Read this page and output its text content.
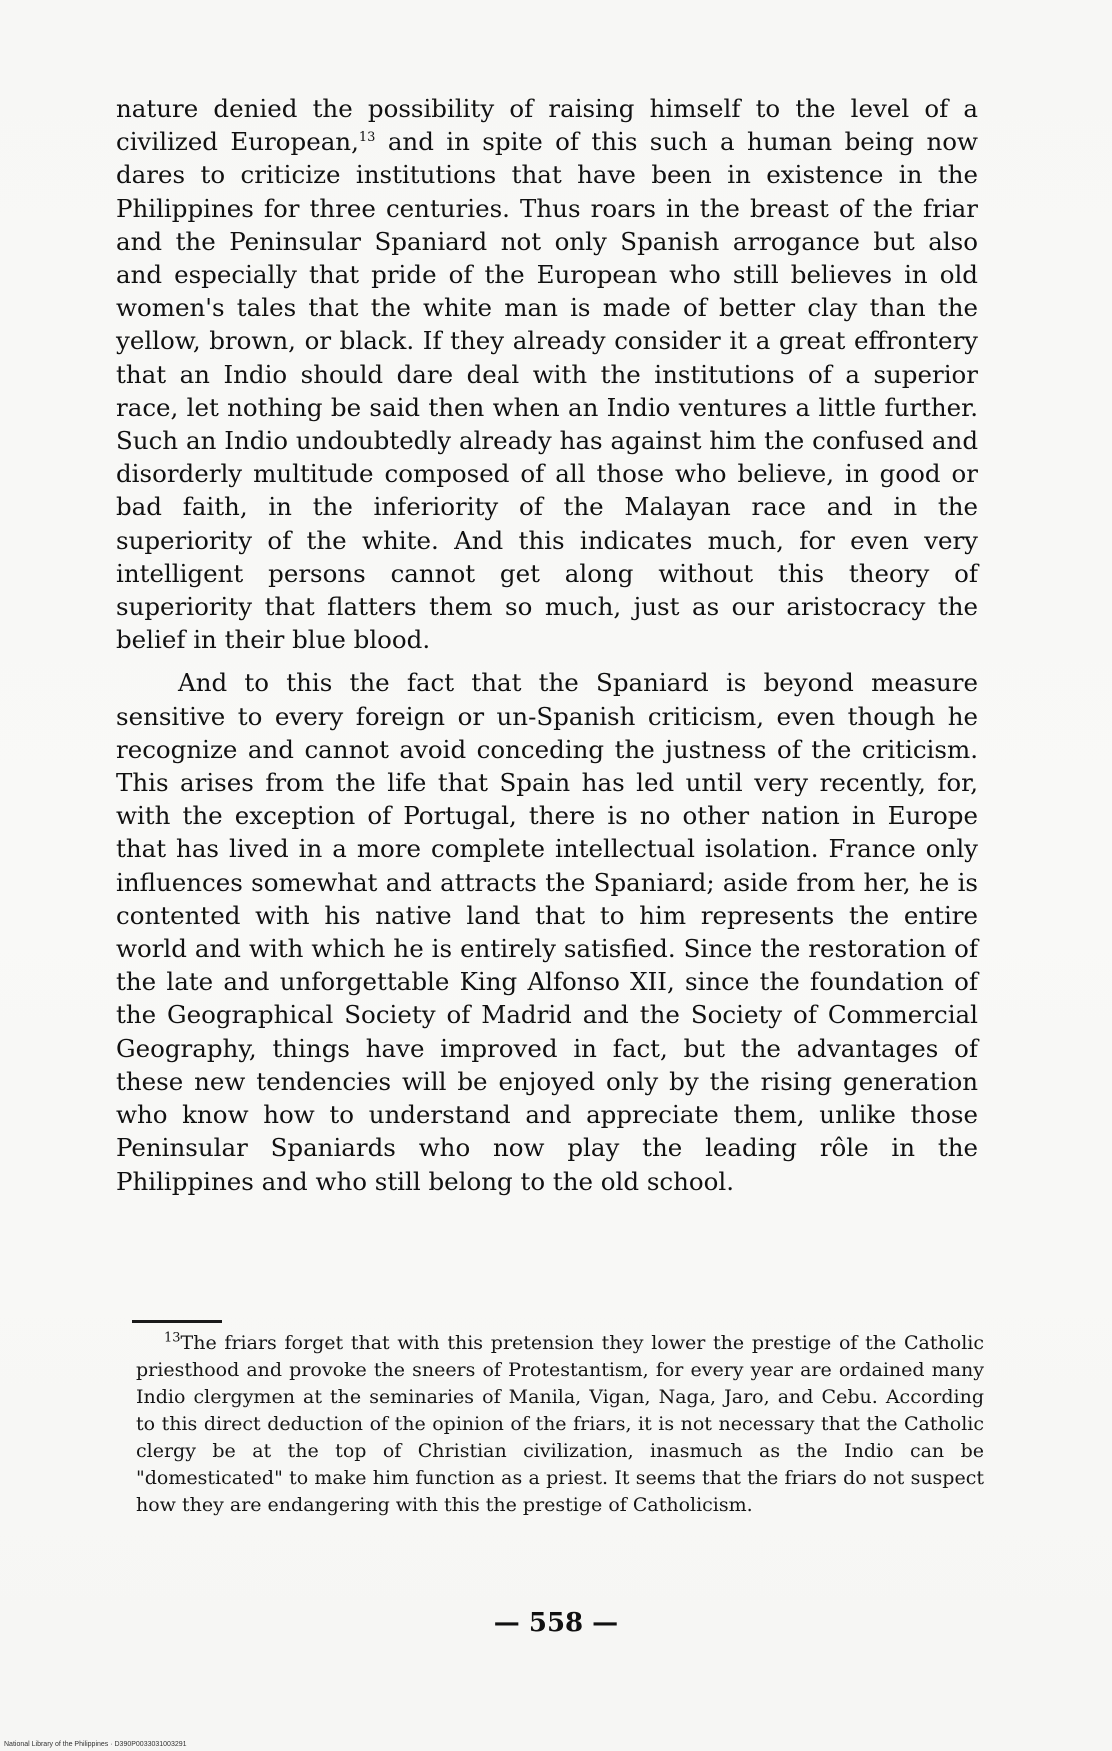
nature denied the possibility of raising himself to the level of a civilized European,$^{13}$ and in spite of this such a human being now dares to criticize institutions that have been in existence in the Philippines for three centuries. Thus roars in the breast of the friar and the Peninsular Spaniard not only Spanish arrogance but also and especially that pride of the European who still believes in old women's tales that the white man is made of better clay than the yellow, brown, or black. If they already consider it a great effrontery that an Indio should dare deal with the institutions of a superior race, let nothing be said then when an Indio ventures a little further. Such an Indio undoubtedly already has against him the confused and disorderly multitude composed of all those who believe, in good or bad faith, in the inferiority of the Malayan race and in the superiority of the white. And this indicates much, for even very intelligent persons cannot get along without this theory of superiority that flatters them so much, just as our aristocracy the belief in their blue blood.

And to this the fact that the Spaniard is beyond measure sensitive to every foreign or un-Spanish criticism, even though he recognize and cannot avoid conceding the justness of the criticism. This arises from the life that Spain has led until very recently, for, with the exception of Portugal, there is no other nation in Europe that has lived in a more complete intellectual isolation. France only influences somewhat and attracts the Spaniard; aside from her, he is contented with his native land that to him represents the entire world and with which he is entirely satisfied. Since the restoration of the late and unforgettable King Alfonso XII, since the foundation of the Geographical Society of Madrid and the Society of Commercial Geography, things have improved in fact, but the advantages of these new tendencies will be enjoyed only by the rising generation who know how to understand and appreciate them, unlike those Peninsular Spaniards who now play the leading rôle in the Philippines and who still belong to the old school.

$^{13}$The friars forget that with this pretension they lower the prestige of the Catholic priesthood and provoke the sneers of Protestantism, for every year are ordained many Indio clergymen at the seminaries of Manila, Vigan, Naga, Jaro, and Cebu. According to this direct deduction of the opinion of the friars, it is not necessary that the Catholic clergy be at the top of Christian civilization, inasmuch as the Indio can be "domesticated" to make him function as a priest. It seems that the friars do not suspect how they are endangering with this the prestige of Catholicism.

— 558 —
National Library of the Philippines · D390P0033031003291
